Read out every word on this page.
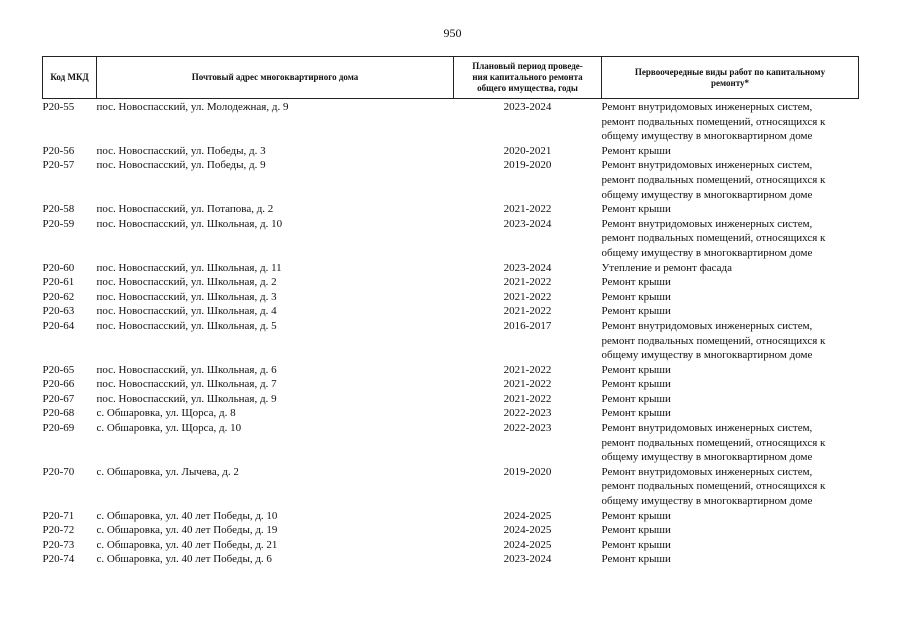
950
Код МКД	Почтовый адрес многоквартирного дома	Плановый период проведе-
ния капитального ремонта
общего имущества, годы	Первоочередные виды работ по капитальному
ремонту*
P20-55	пос. Новоспасский, ул. Молодежная, д. 9	2023-2024	Ремонт внутридомовых инженерных систем,
ремонт подвальных помещений, относящихся к
общему имуществу в многоквартирном доме
P20-56	пос. Новоспасский, ул. Победы, д. 3	2020-2021	Ремонт крыши
P20-57	пос. Новоспасский, ул. Победы, д. 9	2019-2020	Ремонт внутридомовых инженерных систем,
ремонт подвальных помещений, относящихся к
общему имуществу в многоквартирном доме
P20-58	пос. Новоспасский, ул. Потапова, д. 2	2021-2022	Ремонт крыши
P20-59	пос. Новоспасский, ул. Школьная, д. 10	2023-2024	Ремонт внутридомовых инженерных систем,
ремонт подвальных помещений, относящихся к
общему имуществу в многоквартирном доме
P20-60	пос. Новоспасский, ул. Школьная, д. 11	2023-2024	Утепление и ремонт фасада
P20-61	пос. Новоспасский, ул. Школьная, д. 2	2021-2022	Ремонт крыши
P20-62	пос. Новоспасский, ул. Школьная, д. 3	2021-2022	Ремонт крыши
P20-63	пос. Новоспасский, ул. Школьная, д. 4	2021-2022	Ремонт крыши
P20-64	пос. Новоспасский, ул. Школьная, д. 5	2016-2017	Ремонт внутридомовых инженерных систем,
ремонт подвальных помещений, относящихся к
общему имуществу в многоквартирном доме
P20-65	пос. Новоспасский, ул. Школьная, д. 6	2021-2022	Ремонт крыши
P20-66	пос. Новоспасский, ул. Школьная, д. 7	2021-2022	Ремонт крыши
P20-67	пос. Новоспасский, ул. Школьная, д. 9	2021-2022	Ремонт крыши
P20-68	с. Обшаровка, ул. Щорса, д. 8	2022-2023	Ремонт крыши
P20-69	с. Обшаровка, ул. Щорса, д. 10	2022-2023	Ремонт внутридомовых инженерных систем,
ремонт подвальных помещений, относящихся к
общему имуществу в многоквартирном доме
P20-70	с. Обшаровка, ул. Лычева, д. 2	2019-2020	Ремонт внутридомовых инженерных систем,
ремонт подвальных помещений, относящихся к
общему имуществу в многоквартирном доме
P20-71	с. Обшаровка, ул. 40 лет Победы, д. 10	2024-2025	Ремонт крыши
P20-72	с. Обшаровка, ул. 40 лет Победы, д. 19	2024-2025	Ремонт крыши
P20-73	с. Обшаровка, ул. 40 лет Победы, д. 21	2024-2025	Ремонт крыши
P20-74	с. Обшаровка, ул. 40 лет Победы, д. 6	2023-2024	Ремонт крыши
